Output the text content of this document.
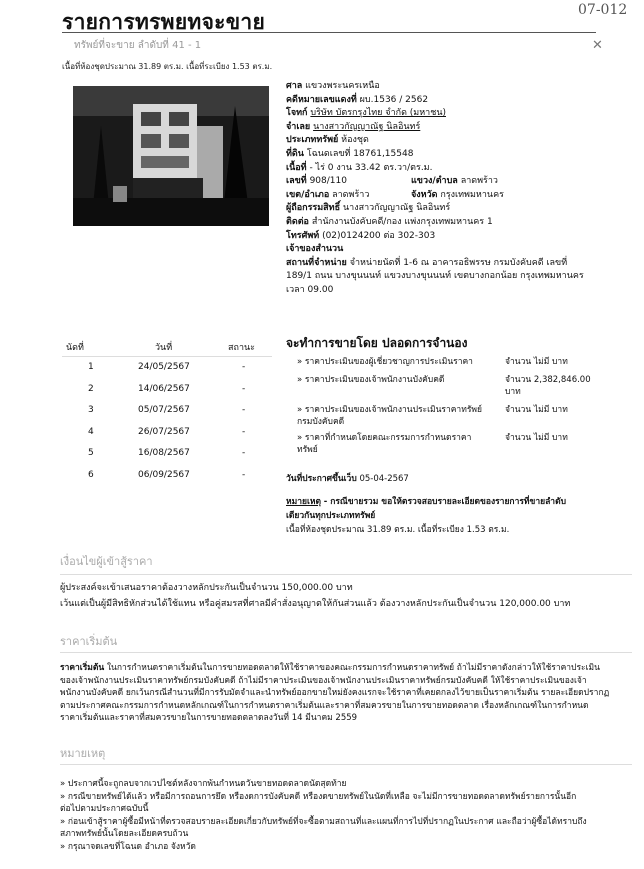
รายการทรพยทจะขาย	07-012
ทรัพย์ที่จะขาย ลำดับที่ 41 - 1	✕
เนื้อที่ห้องชุดประมาณ 31.89 ตร.ม. เนื้อที่ระเบียง 1.53 ตร.ม.
ศาล แขวงพระนครเหนือ
คดีหมายเลขแดงที่ ผบ.1536 / 2562
โจทก์ บริษัท บัตรกรุงไทย จำกัด (มหาชน)
จำเลย นางสาวกัญญาณัฐ นิลอินทร์
ประเภททรัพย์ ห้องชุด
ที่ดิน โฉนดเลขที่ 18761,15548
เนื้อที่ - ไร่ 0 งาน 33.42 ตร.วา/ตร.ม.
เลขที่ 908/110	แขวง/ตำบล ลาดพร้าว
เขต/อำเภอ ลาดพร้าว	จังหวัด กรุงเทพมหานคร
ผู้ถือกรรมสิทธิ์ นางสาวกัญญาณัฐ นิลอินทร์
ติดต่อ สำนักงานบังคับคดี/กอง แพ่งกรุงเทพมหานคร 1
โทรศัพท์ (02)0124200 ต่อ 302-303
เจ้าของสำนวน
สถานที่จำหน่าย จำหน่ายนัดที่ 1-6 ณ อาคารอธิพรรษ กรมบังคับคดี เลขที่
189/1 ถนน บางขุนนนท์ แขวงบางขุนนนท์ เขตบางกอกน้อย กรุงเทพมหานคร
เวลา 09.00
นัดที่	วันที่	สถานะ
1	24/05/2567	-
2	14/06/2567	-
3	05/07/2567	-
4	26/07/2567	-
5	16/08/2567	-
6	06/09/2567	-
จะทำการขายโดย ปลอดการจำนอง
» ราคาประเมินของผู้เชี่ยวชาญการประเมินราคา	จำนวน ไม่มี บาท
» ราคาประเมินของเจ้าพนักงานบังคับคดี	จำนวน 2,382,846.00
บาท
» ราคาประเมินของเจ้าพนักงานประเมินราคาทรัพย์
กรมบังคับคดี
จำนวน ไม่มี บาท
» ราคาที่กำหนดโดยคณะกรรมการกำหนดราคา
ทรัพย์
จำนวน ไม่มี บาท
วันที่ประกาศขึ้นเว็บ 05-04-2567
หมายเหตุ - กรณีขายรวม ขอให้ตรวจสอบรายละเอียดของรายการที่ขายลำดับ
เดียวกันทุกประเภททรัพย์
เนื้อที่ห้องชุดประมาณ 31.89 ตร.ม. เนื้อที่ระเบียง 1.53 ตร.ม.
เงื่อนไขผู้เข้าสู้ราคา
ผู้ประสงค์จะเข้าเสนอราคาต้องวางหลักประกันเป็นจำนวน 150,000.00 บาท
เว้นแต่เป็นผู้มีสิทธิหักส่วนได้ใช้แทน หรือคู่สมรสที่ศาลมีคำสั่งอนุญาตให้กันส่วนแล้ว ต้องวางหลักประกันเป็นจำนวน 120,000.00 บาท
ราคาเริ่มต้น
ราคาเริ่มต้น ในการกำหนดราคาเริ่มต้นในการขายทอดตลาดให้ใช้ราคาของคณะกรรมการกำหนดราคาทรัพย์ ถ้าไม่มีราคาดังกล่าวให้ใช้ราคาประเมิน
ของเจ้าพนักงานประเมินราคาทรัพย์กรมบังคับคดี ถ้าไม่มีราคาประเมินของเจ้าพนักงานประเมินราคาทรัพย์กรมบังคับคดี ให้ใช้ราคาประเมินของเจ้า
พนักงานบังคับคดี ยกเว้นกรณีสำนวนที่มีการรับมัดจำและนำทรัพย์ออกขายใหม่ยังคงแรกจะใช้ราคาที่เคยตกลงไว้ขายเป็นราคาเริ่มต้น รายละเอียดปรากฏ
ตามประกาศคณะกรรมการกำหนดหลักเกณฑ์ในการกำหนดราคาเริ่มต้นและราคาที่สมควรขายในการขายทอดตลาด เรื่องหลักเกณฑ์ในการกำหนด
ราคาเริ่มต้นและราคาที่สมควรขายในการขายทอดตลาดลงวันที่ 14 มีนาคม 2559
หมายเหตุ
» ประกาศนี้จะถูกลบจากเวปไซต์หลังจากพ้นกำหนดวันขายทอดตลาดนัดสุดท้าย
» กรณีขายทรัพย์ได้แล้ว หรือมีการถอนการยึด หรืองดการบังคับคดี หรืองดขายทรัพย์ในนัดที่เหลือ จะไม่มีการขายทอดตลาดทรัพย์รายการนั้นอีก
ต่อไปตามประกาศฉบับนี้
» ก่อนเข้าสู้ราคาผู้ซื้อมีหน้าที่ตรวจสอบรายละเอียดเกี่ยวกับทรัพย์ที่จะซื้อตามสถานที่และแผนที่การไปที่ปรากฏในประกาศ และถือว่าผู้ซื้อได้ทราบถึง
สภาพทรัพย์นั้นโดยละเอียดครบถ้วน
» กรุณาจดเลขที่โฉนด อำเภอ จังหวัด
